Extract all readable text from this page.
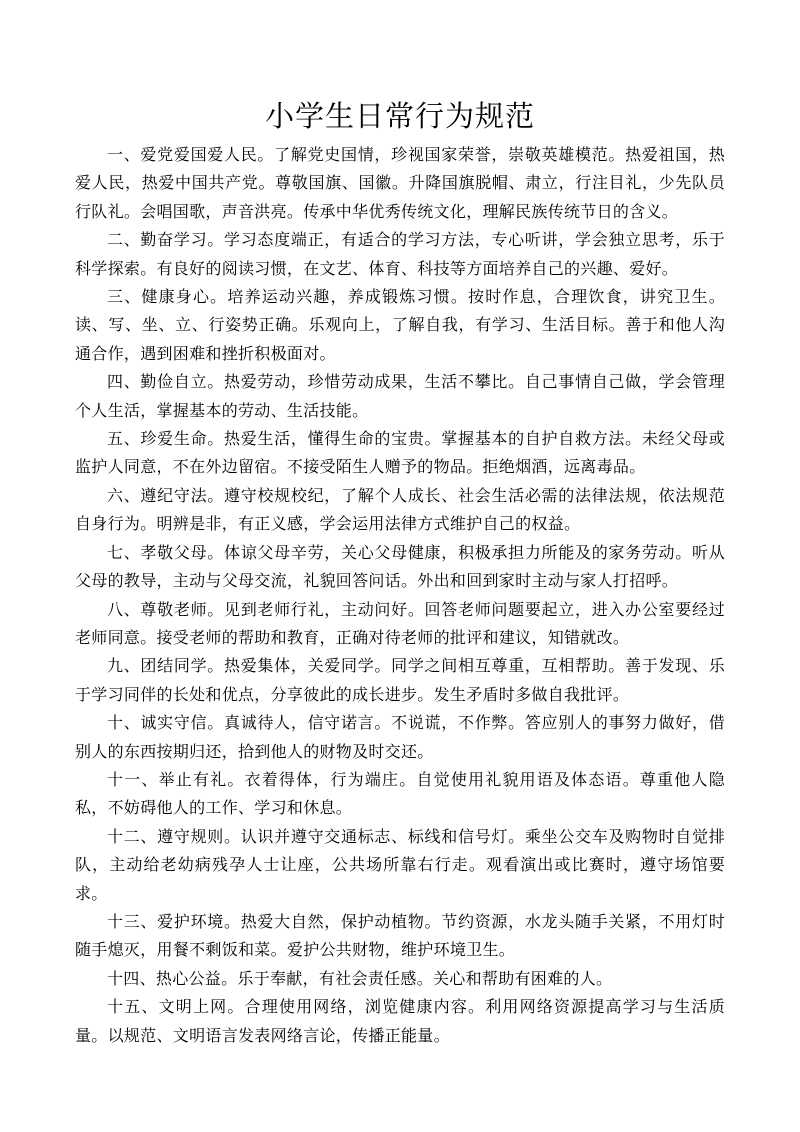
小学生日常行为规范

一、爱党爱国爱人民。了解党史国情，珍视国家荣誉，崇敬英雄模范。热爱祖国，热爱人民，热爱中国共产党。尊敬国旗、国徽。升降国旗脱帽、肃立，行注目礼，少先队员行队礼。会唱国歌，声音洪亮。传承中华优秀传统文化，理解民族传统节日的含义。

二、勤奋学习。学习态度端正，有适合的学习方法，专心听讲，学会独立思考，乐于科学探索。有良好的阅读习惯，在文艺、体育、科技等方面培养自己的兴趣、爱好。

三、健康身心。培养运动兴趣，养成锻炼习惯。按时作息，合理饮食，讲究卫生。读、写、坐、立、行姿势正确。乐观向上，了解自我，有学习、生活目标。善于和他人沟通合作，遇到困难和挫折积极面对。

四、勤俭自立。热爱劳动，珍惜劳动成果，生活不攀比。自己事情自己做，学会管理个人生活，掌握基本的劳动、生活技能。

五、珍爱生命。热爱生活，懂得生命的宝贵。掌握基本的自护自救方法。未经父母或监护人同意，不在外边留宿。不接受陌生人赠予的物品。拒绝烟酒，远离毒品。

六、遵纪守法。遵守校规校纪，了解个人成长、社会生活必需的法律法规，依法规范自身行为。明辨是非，有正义感，学会运用法律方式维护自己的权益。

七、孝敬父母。体谅父母辛劳，关心父母健康，积极承担力所能及的家务劳动。听从父母的教导，主动与父母交流，礼貌回答问话。外出和回到家时主动与家人打招呼。

八、尊敬老师。见到老师行礼，主动问好。回答老师问题要起立，进入办公室要经过老师同意。接受老师的帮助和教育，正确对待老师的批评和建议，知错就改。

九、团结同学。热爱集体，关爱同学。同学之间相互尊重，互相帮助。善于发现、乐于学习同伴的长处和优点，分享彼此的成长进步。发生矛盾时多做自我批评。

十、诚实守信。真诚待人，信守诺言。不说谎，不作弊。答应别人的事努力做好，借别人的东西按期归还，拾到他人的财物及时交还。

十一、举止有礼。衣着得体，行为端庄。自觉使用礼貌用语及体态语。尊重他人隐私，不妨碍他人的工作、学习和休息。

十二、遵守规则。认识并遵守交通标志、标线和信号灯。乘坐公交车及购物时自觉排队，主动给老幼病残孕人士让座，公共场所靠右行走。观看演出或比赛时，遵守场馆要求。

十三、爱护环境。热爱大自然，保护动植物。节约资源，水龙头随手关紧，不用灯时随手熄灭，用餐不剩饭和菜。爱护公共财物，维护环境卫生。

十四、热心公益。乐于奉献，有社会责任感。关心和帮助有困难的人。

十五、文明上网。合理使用网络，浏览健康内容。利用网络资源提高学习与生活质量。以规范、文明语言发表网络言论，传播正能量。
